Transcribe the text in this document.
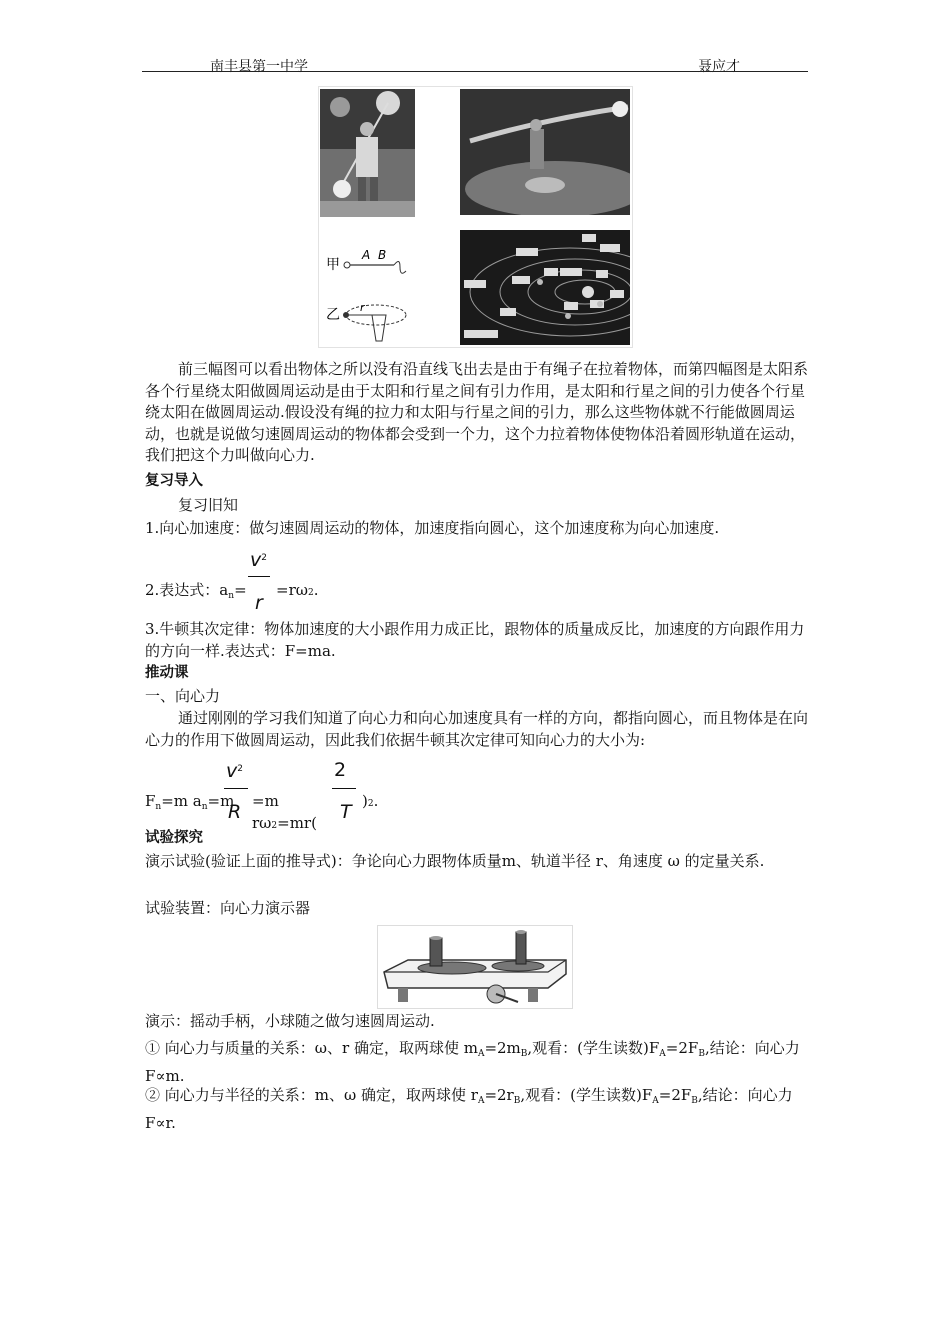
南丰县第一中学	聂应才
甲
A B
乙 r
前三幅图可以看出物体之所以没有沿直线飞出去是由于有绳子在拉着物体，而第四幅图是太阳系各个行星绕太阳做圆周运动是由于太阳和行星之间有引力作用，是太阳和行星之间的引力使各个行星绕太阳在做圆周运动.假设没有绳的拉力和太阳与行星之间的引力，那么这些物体就不行能做圆周运动，也就是说做匀速圆周运动的物体都会受到一个力，这个力拉着物体使物体沿着圆形轨道在运动，我们把这个力叫做向心力.
复习导入
复习旧知
1.向心加速度：做匀速圆周运动的物体，加速度指向圆心，这个加速度称为向心加速度.
2.表达式：$a_n=$
$v^2$
r
=rω2.
3.牛顿其次定律：物体加速度的大小跟作用力成正比，跟物体的质量成反比，加速度的方向跟作用力的方向一样.表达式：F=ma.
推动课
一、向心力
通过刚刚的学习我们知道了向心力和向心加速度具有一样的方向，都指向圆心，而且物体是在向心力的作用下做圆周运动，因此我们依据牛顿其次定律可知向心力的大小为:
$F_n=m$ $a_n=m$
$v^2$
R =m rω2=mr(
2
T )2.
试验探究
演示试验(验证上面的推导式)：争论向心力跟物体质量m、轨道半径 r、角速度 ω 的定量关系.
试验装置：向心力演示器
演示：摇动手柄，小球随之做匀速圆周运动.
① 向心力与质量的关系：ω、r 确定，取两球使 $m_A=2m_B$,观看：(学生读数)$F_A=2F_B$,结论：向心力 F∝m.
② 向心力与半径的关系：m、ω 确定，取两球使 $r_A=2r_B$,观看：(学生读数)$F_A=2F_B$,结论：向心力 F∝r.
